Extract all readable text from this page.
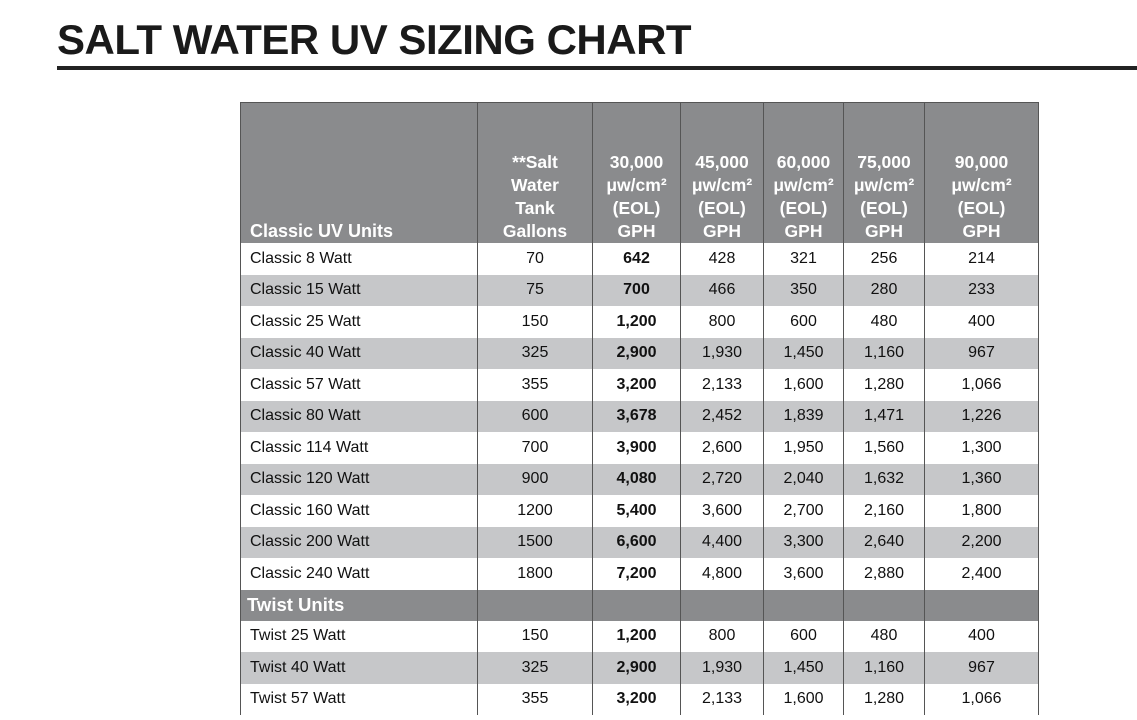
SALT WATER UV SIZING CHART
Classic UV Units	**Salt
Water
Tank
Gallons	30,000
μw/cm²
(EOL)
GPH	45,000
μw/cm²
(EOL)
GPH	60,000
μw/cm²
(EOL)
GPH	75,000
μw/cm²
(EOL)
GPH	90,000
μw/cm²
(EOL)
GPH
Classic 8 Watt	70	642	428	321	256	214
Classic 15 Watt	75	700	466	350	280	233
Classic 25 Watt	150	1,200	800	600	480	400
Classic 40 Watt	325	2,900	1,930	1,450	1,160	967
Classic 57 Watt	355	3,200	2,133	1,600	1,280	1,066
Classic 80 Watt	600	3,678	2,452	1,839	1,471	1,226
Classic 114 Watt	700	3,900	2,600	1,950	1,560	1,300
Classic 120 Watt	900	4,080	2,720	2,040	1,632	1,360
Classic 160 Watt	1200	5,400	3,600	2,700	2,160	1,800
Classic 200 Watt	1500	6,600	4,400	3,300	2,640	2,200
Classic 240 Watt	1800	7,200	4,800	3,600	2,880	2,400
Twist Units						
Twist 25 Watt	150	1,200	800	600	480	400
Twist 40 Watt	325	2,900	1,930	1,450	1,160	967
Twist 57 Watt	355	3,200	2,133	1,600	1,280	1,066
